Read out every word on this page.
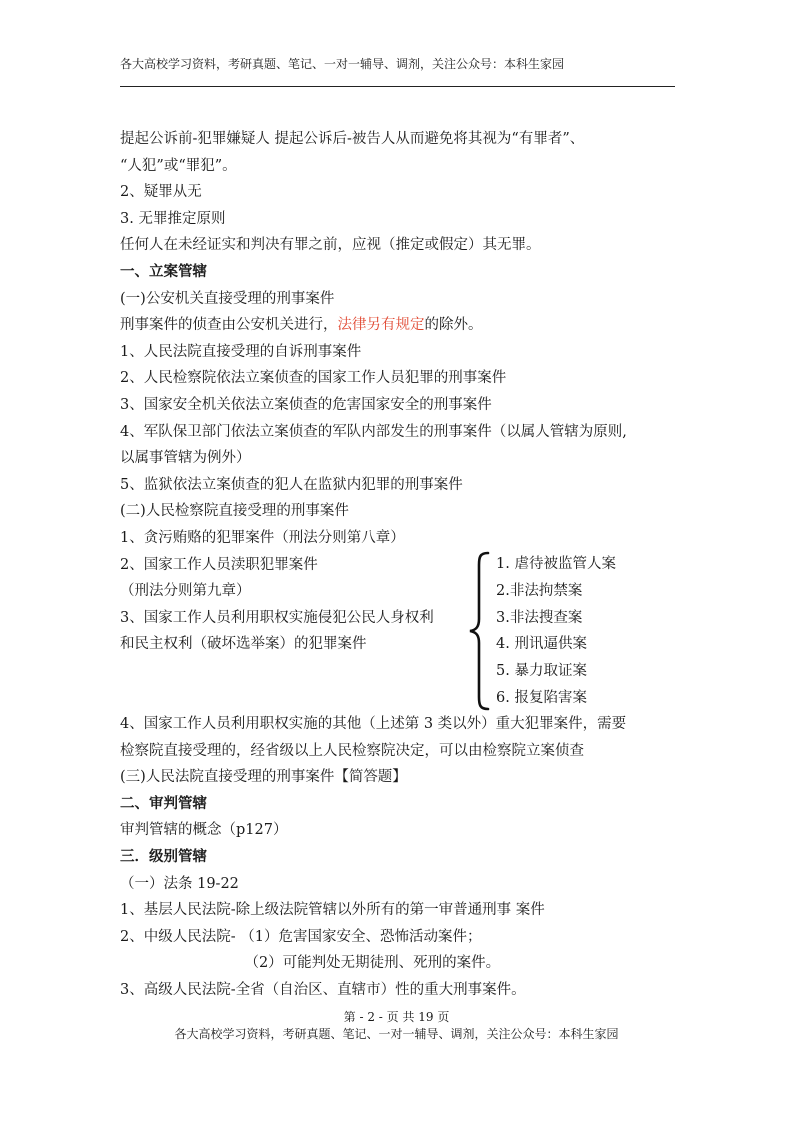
各大高校学习资料，考研真题、笔记、一对一辅导、调剂，关注公众号：本科生家园
提起公诉前-犯罪嫌疑人 提起公诉后-被告人从而避免将其视为“有罪者”、
“人犯”或“罪犯”。
2、疑罪从无
3. 无罪推定原则
任何人在未经证实和判决有罪之前，应视（推定或假定）其无罪。
一、立案管辖
(一)公安机关直接受理的刑事案件
刑事案件的侦查由公安机关进行，法律另有规定的除外。
1、人民法院直接受理的自诉刑事案件
2、人民检察院依法立案侦查的国家工作人员犯罪的刑事案件
3、国家安全机关依法立案侦查的危害国家安全的刑事案件
4、军队保卫部门依法立案侦查的军队内部发生的刑事案件（以属人管辖为原则,
以属事管辖为例外）
5、监狱依法立案侦查的犯人在监狱内犯罪的刑事案件
(二)人民检察院直接受理的刑事案件
1、贪污贿赂的犯罪案件（刑法分则第八章）
2、国家工作人员渎职犯罪案件
（刑法分则第九章）
3、国家工作人员利用职权实施侵犯公民人身权利
和民主权利（破坏选举案）的犯罪案件
4、国家工作人员利用职权实施的其他（上述第 3 类以外）重大犯罪案件，需要
检察院直接受理的，经省级以上人民检察院决定，可以由检察院立案侦查
(三)人民法院直接受理的刑事案件【简答题】
二、审判管辖
审判管辖的概念（p127）
三．级别管辖
（一）法条 19-22
1、基层人民法院-除上级法院管辖以外所有的第一审普通刑事 案件
2、中级人民法院- （1）危害国家安全、恐怖活动案件；
（2）可能判处无期徒刑、死刑的案件。
3、高级人民法院-全省（自治区、直辖市）性的重大刑事案件。
1. 虐待被监管人案
2.非法拘禁案
3.非法搜查案
4. 刑讯逼供案
5. 暴力取证案
6. 报复陷害案
第 - 2 - 页 共 19 页
各大高校学习资料，考研真题、笔记、一对一辅导、调剂，关注公众号：本科生家园
